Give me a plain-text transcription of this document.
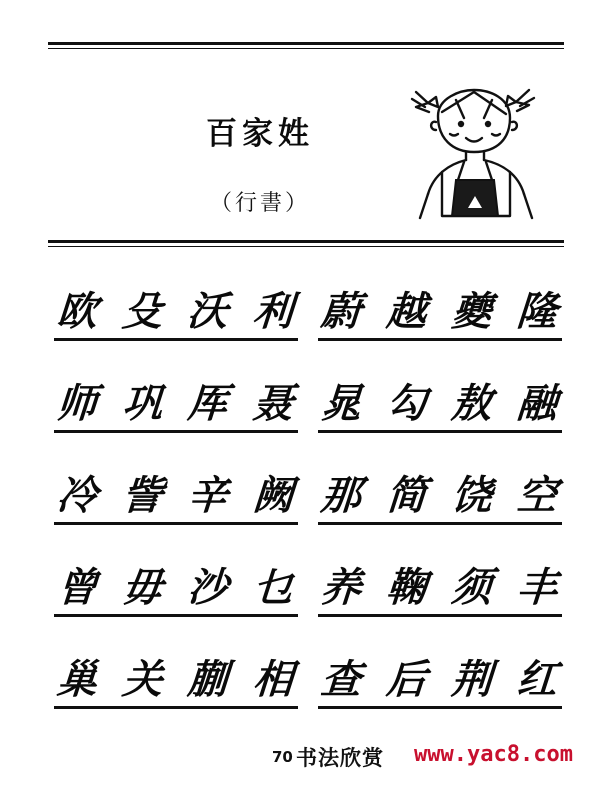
百家姓
（行書）
欧 殳 沃 利 蔚 越 夔 隆
师 巩 厍 聂 晁 勾 敖 融
冷 訾 辛 阙 那 简 饶 空
曾 毋 沙 乜 养 鞠 须 丰
巢 关 蒯 相 查 后 荆 红
70 书法欣赏 www.yac8.com
